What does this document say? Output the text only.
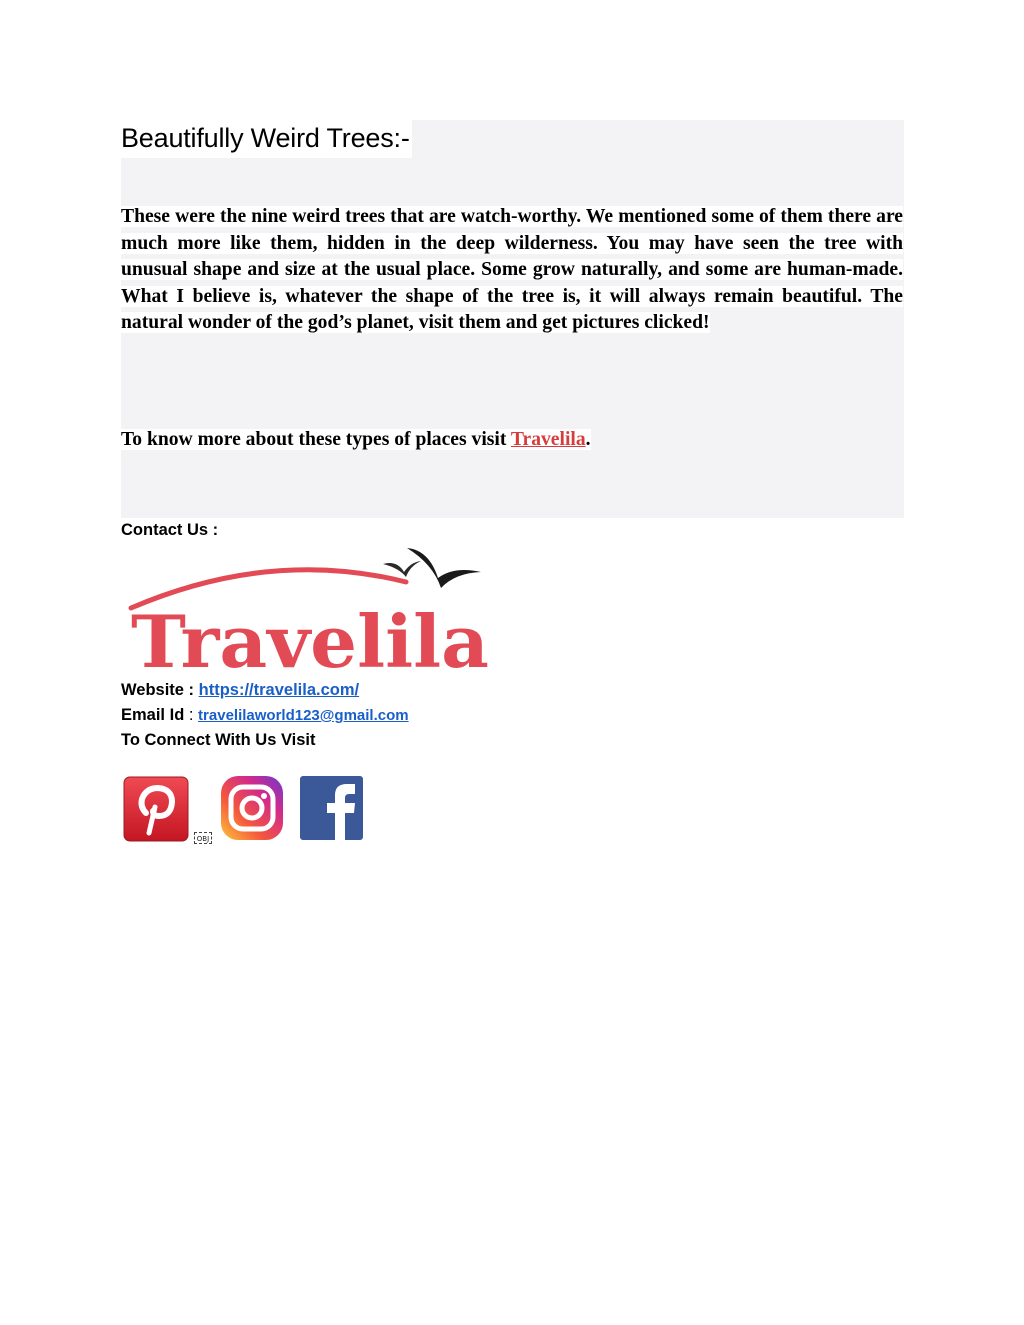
Beautifully Weird Trees:-

These were the nine weird trees that are watch-worthy. We mentioned some of them there are much more like them, hidden in the deep wilderness. You may have seen the tree with unusual shape and size at the usual place. Some grow naturally, and some are human-made. What I believe is, whatever the shape of the tree is, it will always remain beautiful. The natural wonder of the god’s planet, visit them and get pictures clicked!

To know more about these types of places visit Travelila.

Contact Us :

Travelila

Website : https://travelila.com/

Email Id : travelilaworld123@gmail.com

To Connect With Us Visit

OBJ
